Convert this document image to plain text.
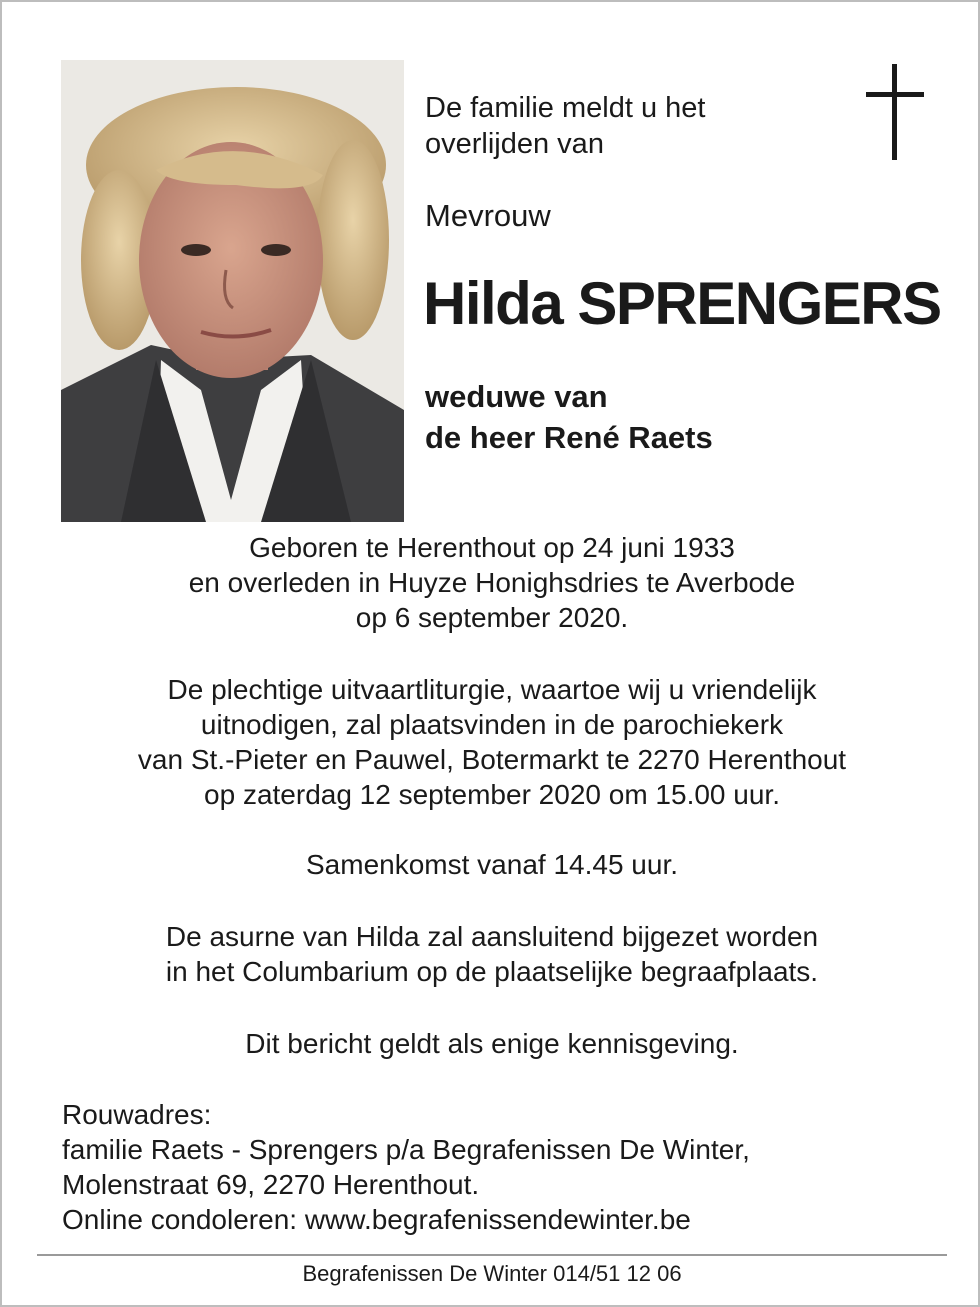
De familie meldt u het
overlijden van
Mevrouw
Hilda SPRENGERS
weduwe van
de heer René Raets
Geboren te Herenthout op 24 juni 1933
en overleden in Huyze Honighsdries te Averbode
op 6 september 2020.
De plechtige uitvaartliturgie, waartoe wij u vriendelijk
uitnodigen, zal plaatsvinden in de parochiekerk
van St.-Pieter en Pauwel, Botermarkt te 2270 Herenthout
op zaterdag 12 september 2020 om 15.00 uur.
Samenkomst vanaf 14.45 uur.
De asurne van Hilda zal aansluitend bijgezet worden
in het Columbarium op de plaatselijke begraafplaats.
Dit bericht geldt als enige kennisgeving.
Rouwadres:
familie Raets - Sprengers p/a Begrafenissen De Winter,
Molenstraat 69, 2270 Herenthout.
Online condoleren: www.begrafenissendewinter.be
Begrafenissen De Winter 014/51 12 06
